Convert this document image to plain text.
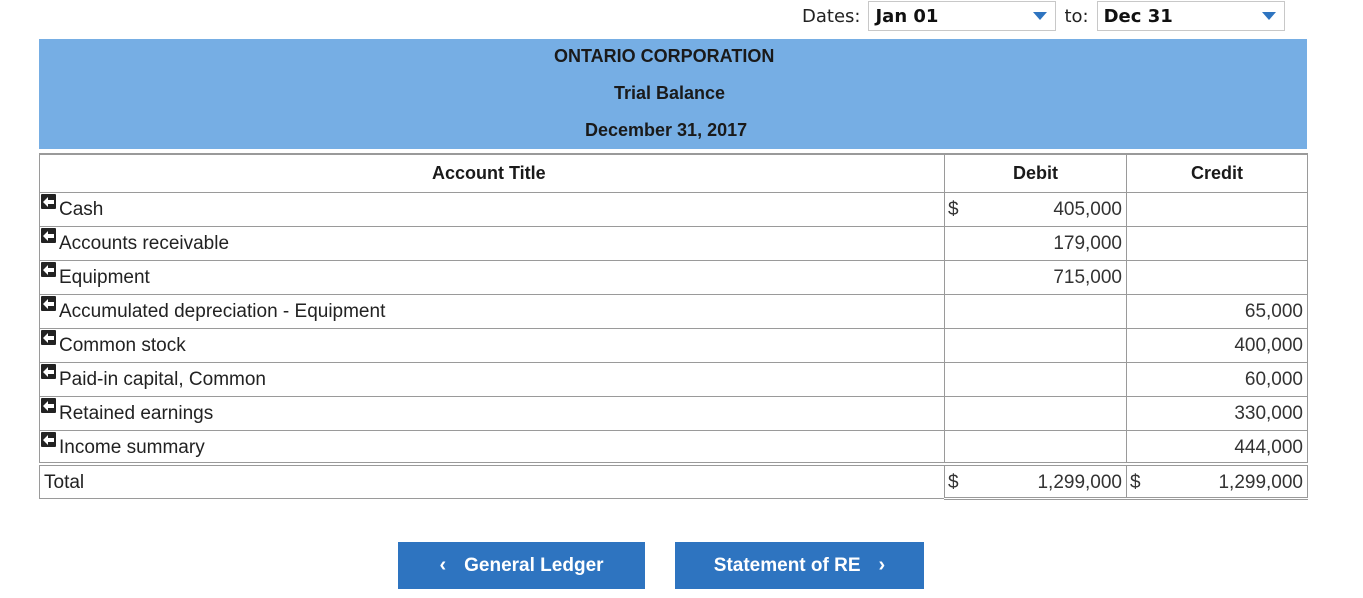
Dates: Jan 01	to: Dec 31
ONTARIO CORPORATION
Trial Balance
December 31, 2017
Account Title	Debit	Credit

Cash	$ 405,000	

Accounts receivable	179,000	

Equipment	715,000	

Accumulated depreciation - Equipment		65,000

Common stock		400,000

Paid-in capital, Common		60,000

Retained earnings		330,000

Income summary		444,000

Total	$ 1,299,000	$ 1,299,000
‹ General Ledger	Statement of RE ›
